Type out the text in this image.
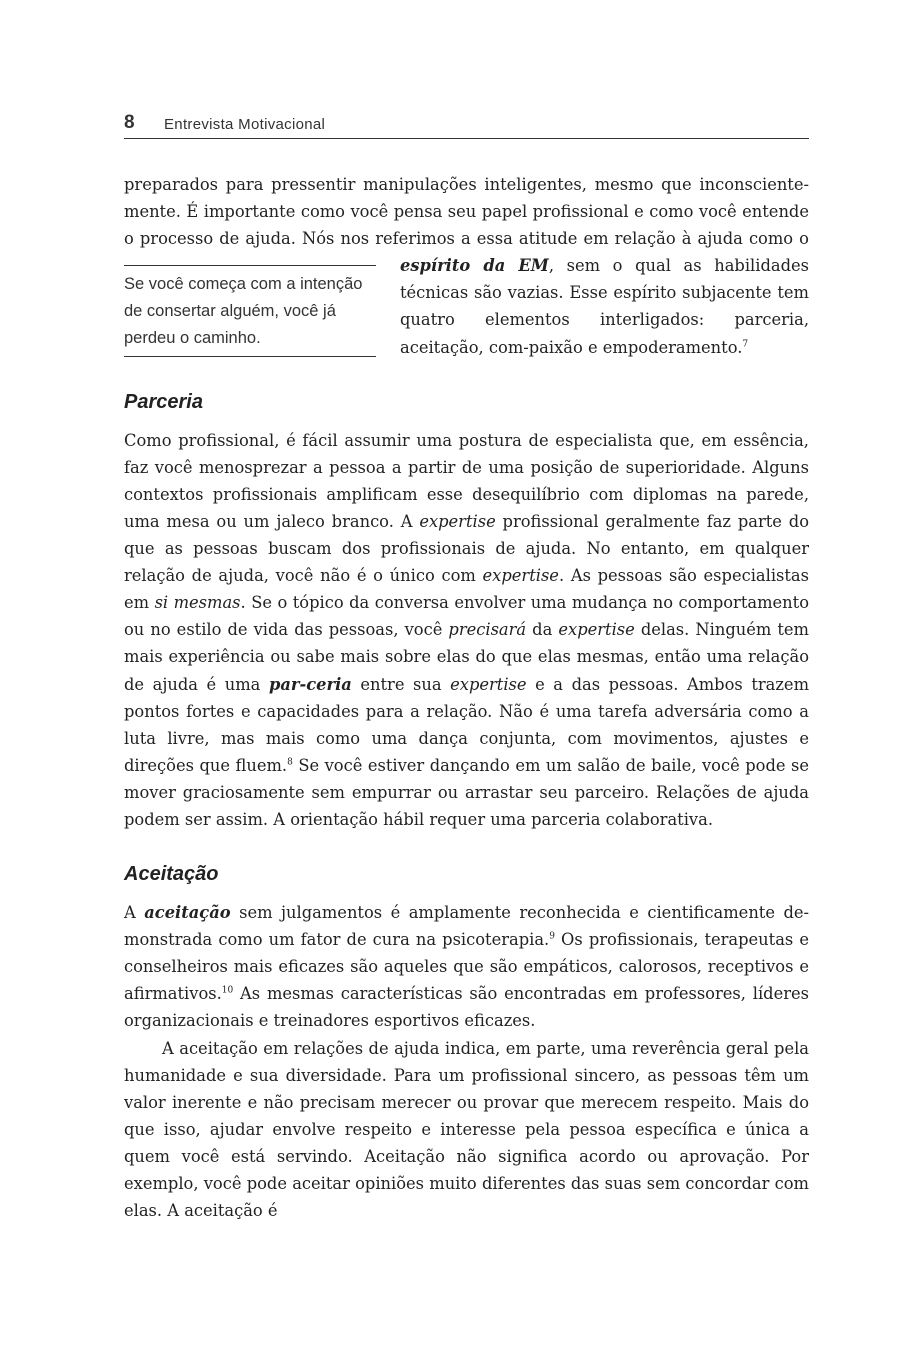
8 Entrevista Motivacional

preparados para pressentir manipulações inteligentes, mesmo que inconsciente-mente. É importante como você pensa seu papel profissional e como você entende o processo de ajuda. Nós nos referimos a essa atitude em relação à ajuda como o
Se você começa com a intenção de consertar alguém, você já perdeu o caminho.
espírito da EM, sem o qual as habilidades técnicas são vazias. Esse espírito subjacente tem quatro elementos interligados: parceria, aceitação, com-paixão e empoderamento.$^7$

Parceria

Como profissional, é fácil assumir uma postura de especialista que, em essência, faz você menosprezar a pessoa a partir de uma posição de superioridade. Alguns contextos profissionais amplificam esse desequilíbrio com diplomas na parede, uma mesa ou um jaleco branco. A expertise profissional geralmente faz parte do que as pessoas buscam dos profissionais de ajuda. No entanto, em qualquer relação de ajuda, você não é o único com expertise. As pessoas são especialistas em si mesmas. Se o tópico da conversa envolver uma mudança no comportamento ou no estilo de vida das pessoas, você precisará da expertise delas. Ninguém tem mais experiência ou sabe mais sobre elas do que elas mesmas, então uma relação de ajuda é uma par-ceria entre sua expertise e a das pessoas. Ambos trazem pontos fortes e capacidades para a relação. Não é uma tarefa adversária como a luta livre, mas mais como uma dança conjunta, com movimentos, ajustes e direções que fluem.$^8$ Se você estiver dançando em um salão de baile, você pode se mover graciosamente sem empurrar ou arrastar seu parceiro. Relações de ajuda podem ser assim. A orientação hábil requer uma parceria colaborativa.

Aceitação

A aceitação sem julgamentos é amplamente reconhecida e cientificamente de-monstrada como um fator de cura na psicoterapia.$^9$ Os profissionais, terapeutas e conselheiros mais eficazes são aqueles que são empáticos, calorosos, receptivos e afirmativos.$^{10}$ As mesmas características são encontradas em professores, líderes organizacionais e treinadores esportivos eficazes.

A aceitação em relações de ajuda indica, em parte, uma reverência geral pela humanidade e sua diversidade. Para um profissional sincero, as pessoas têm um valor inerente e não precisam merecer ou provar que merecem respeito. Mais do que isso, ajudar envolve respeito e interesse pela pessoa específica e única a quem você está servindo. Aceitação não significa acordo ou aprovação. Por exemplo, você pode aceitar opiniões muito diferentes das suas sem concordar com elas. A aceitação é
